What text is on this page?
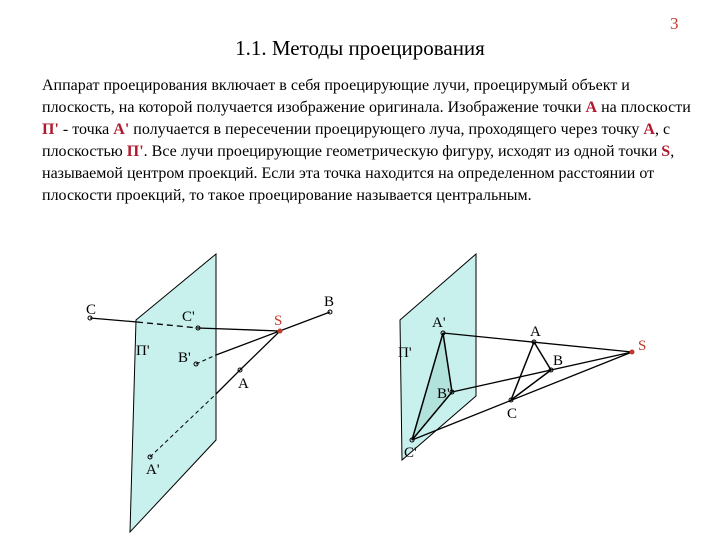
3
1.1. Методы проецирования
Аппарат проецирования включает в себя проецирующие лучи, проецирумый объект и плоскость, на которой получается изображение оригинала. Изображение точки A на плоскости П' - точка A' получается в пересечении проецирующего луча, проходящего через точку A, с плоскостью П'. Все лучи проецирующие геометрическую фигуру, исходят из одной точки S, называемой центром проекций. Если эта точка находится на определенном расстоянии от плоскости проекций, то такое проецирование называется центральным.
C	C'	S
B
П' B'
A
A'
A'
A
S
П'	B
B'
C
C'
